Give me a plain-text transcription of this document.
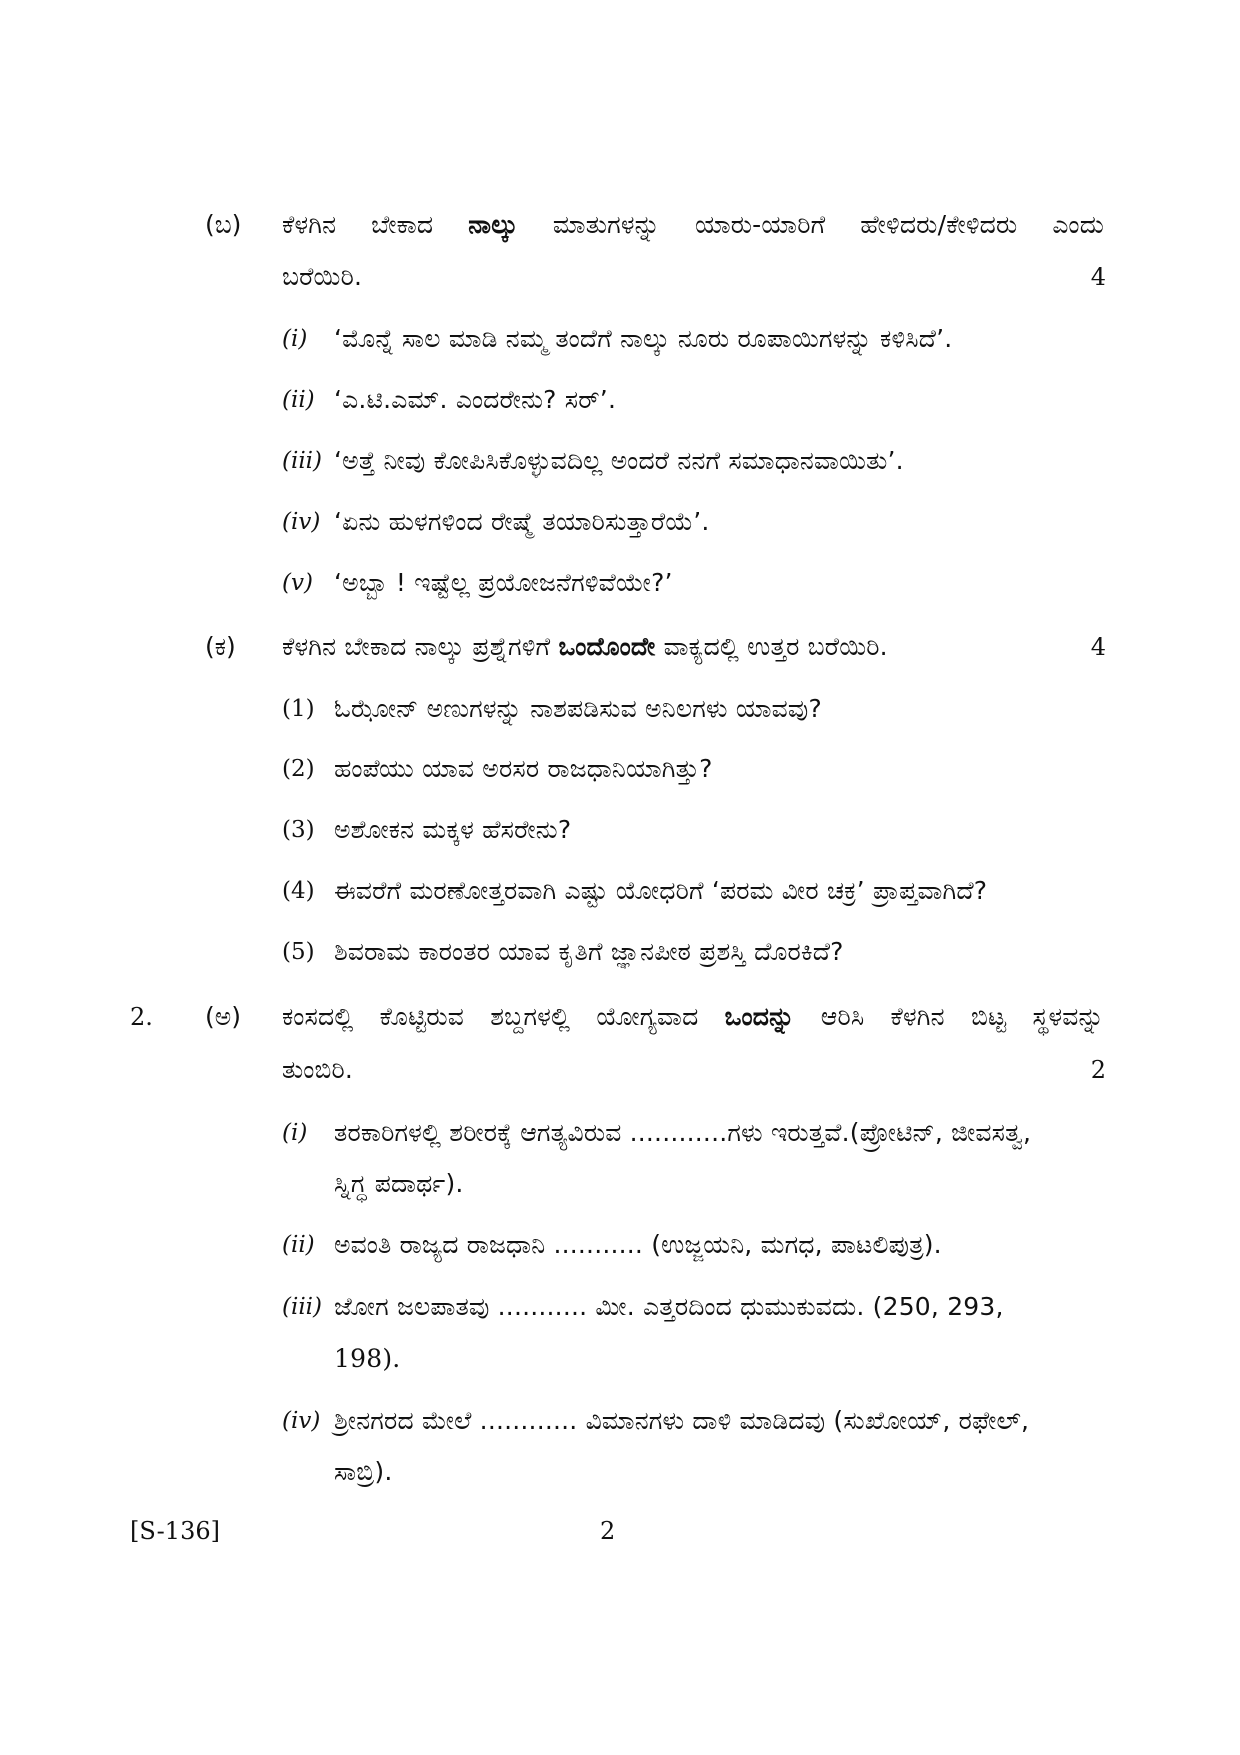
(ಬ) ಕೆಳಗಿನ ಬೇಕಾದ ನಾಲ್ಕು ಮಾತುಗಳನ್ನು ಯಾರು-ಯಾರಿಗೆ ಹೇಳಿದರು/ಕೇಳಿದರು ಎಂದು
ಬರೆಯಿರಿ.	4
(i) ‘ಮೊನ್ನೆ ಸಾಲ ಮಾಡಿ ನಮ್ಮ ತಂದೆಗೆ ನಾಲ್ಕು ನೂರು ರೂಪಾಯಿಗಳನ್ನು ಕಳಿಸಿದೆ’.
(ii) ‘ಎ.ಟಿ.ಎಮ್. ಎಂದರೇನು? ಸರ್’.
(iii) ‘ಅತ್ತೆ ನೀವು ಕೋಪಿಸಿಕೊಳ್ಳುವದಿಲ್ಲ ಅಂದರೆ ನನಗೆ ಸಮಾಧಾನವಾಯಿತು’.
(iv) ‘ಏನು ಹುಳಗಳಿಂದ ರೇಷ್ಮೆ ತಯಾರಿಸುತ್ತಾರೆಯೆ’.
(v) ‘ಅಬ್ಬಾ ! ಇಷ್ಟೆಲ್ಲ ಪ್ರಯೋಜನೆಗಳಿವೆಯೇ?’
(ಕ) ಕೆಳಗಿನ ಬೇಕಾದ ನಾಲ್ಕು ಪ್ರಶ್ನೆಗಳಿಗೆ ಒಂದೊಂದೇ ವಾಕ್ಯದಲ್ಲಿ ಉತ್ತರ ಬರೆಯಿರಿ.	4
(1) ಓಝೋನ್ ಅಣುಗಳನ್ನು ನಾಶಪಡಿಸುವ ಅನಿಲಗಳು ಯಾವವು?
(2) ಹಂಪೆಯು ಯಾವ ಅರಸರ ರಾಜಧಾನಿಯಾಗಿತ್ತು?
(3) ಅಶೋಕನ ಮಕ್ಕಳ ಹೆಸರೇನು?
(4) ಈವರೆಗೆ ಮರಣೋತ್ತರವಾಗಿ ಎಷ್ಟು ಯೋಧರಿಗೆ ‘ಪರಮ ವೀರ ಚಕ್ರ’ ಪ್ರಾಪ್ತವಾಗಿದೆ?
(5) ಶಿವರಾಮ ಕಾರಂತರ ಯಾವ ಕೃತಿಗೆ ಜ್ಞಾನಪೀಠ ಪ್ರಶಸ್ತಿ ದೊರಕಿದೆ?
2. (ಅ) ಕಂಸದಲ್ಲಿ ಕೊಟ್ಟಿರುವ ಶಬ್ದಗಳಲ್ಲಿ ಯೋಗ್ಯವಾದ ಒಂದನ್ನು ಆರಿಸಿ ಕೆಳಗಿನ ಬಿಟ್ಟ ಸ್ಥಳವನ್ನು
ತುಂಬಿರಿ.	2
(i) ತರಕಾರಿಗಳಲ್ಲಿ ಶರೀರಕ್ಕೆ ಆಗತ್ಯವಿರುವ ............ಗಳು ಇರುತ್ತವೆ.(ಪ್ರೋಟಿನ್, ಜೀವಸತ್ವ,
ಸ್ನಿಗ್ಧ ಪದಾರ್ಥ).
(ii) ಅವಂತಿ ರಾಜ್ಯದ ರಾಜಧಾನಿ ........... (ಉಜ್ಜಯನಿ, ಮಗಧ, ಪಾಟಲಿಪುತ್ರ).
(iii) ಜೋಗ ಜಲಪಾತವು ........... ಮೀ. ಎತ್ತರದಿಂದ ಧುಮುಕುವದು. (250, 293,
198).
(iv) ಶ್ರೀನಗರದ ಮೇಲೆ ............ ವಿಮಾನಗಳು ದಾಳಿ ಮಾಡಿದವು (ಸುಖೋಯ್, ರಫೇಲ್,
ಸಾಬ್ರಿ).
[S-136]	2
